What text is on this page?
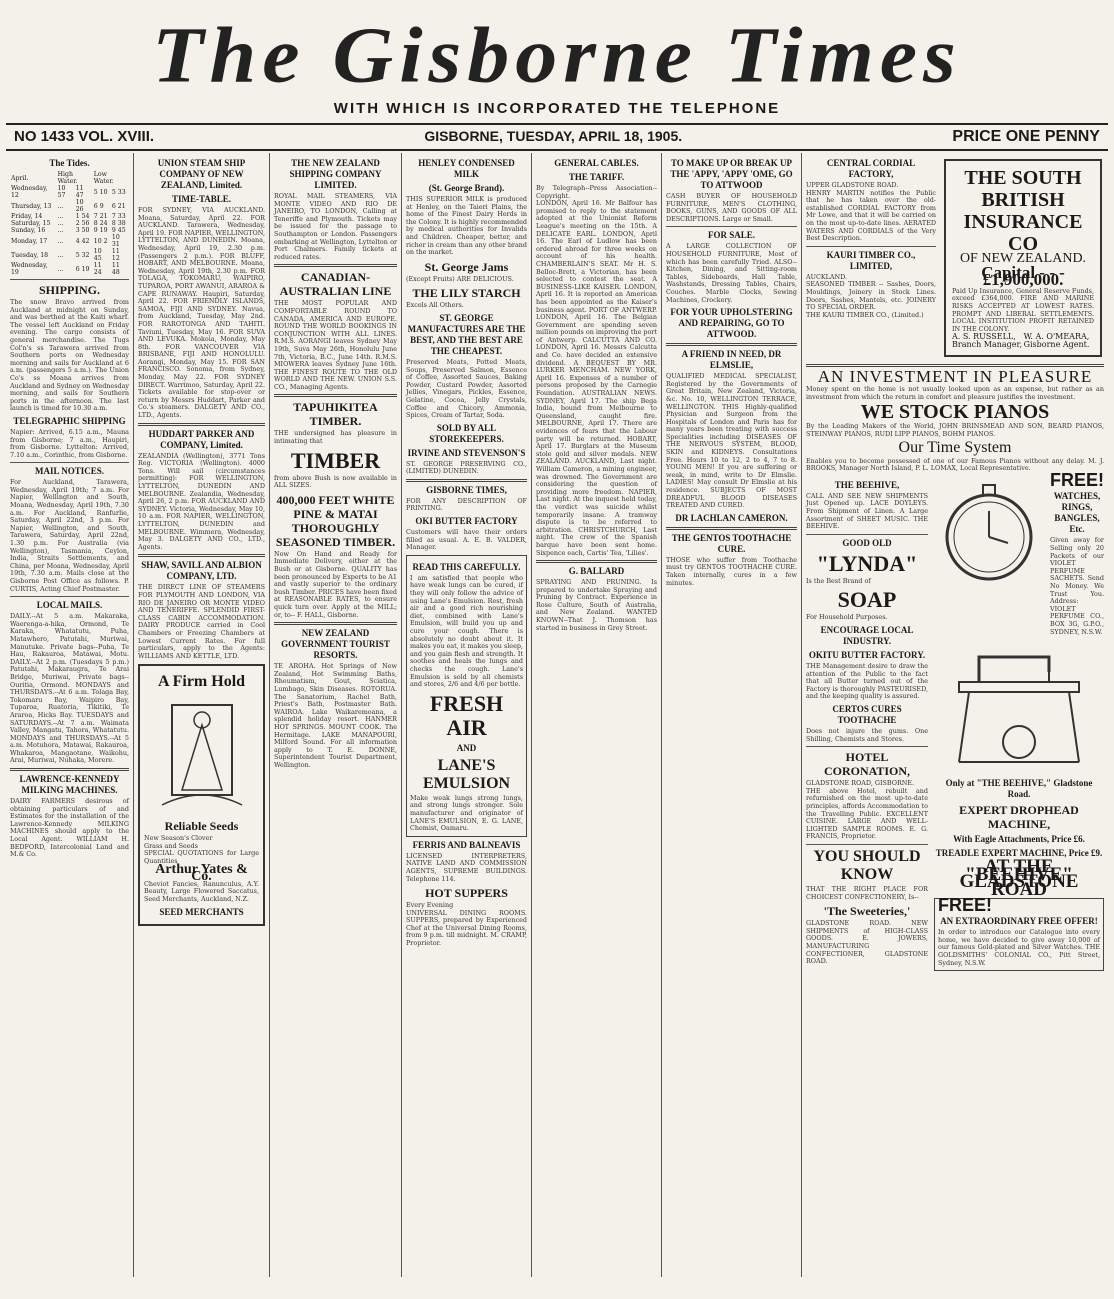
The Gisborne Times
WITH WHICH IS INCORPORATED THE TELEPHONE
NO 1433 VOL. XVIII.	GISBORNE, TUESDAY, APRIL 18, 1905.	PRICE ONE PENNY
The Tides.
April.	High Water.		Low Water.	
Wednesday, 12	10 57	11 47	5 10	5 33
Thursday, 13	...	10 26	6 9	6 21
Friday, 14	...	1 54	7 21	7 33
Saturday, 15	...	2 56	8 24	8 38
Sunday, 16	...	3 50	9 19	9 45
Monday, 17	...	4 42	10 2	10 31
Tuesday, 18	...	5 32	10 45	11 12
Wednesday, 19	...	6 19	11 24	11 48
SHIPPING.
The snow Bravo arrived from Auckland at midnight on Sunday, and was berthed at the Kaiti wharf. The vessel left Auckland on Friday evening. The cargo consists of general merchandise. The Tugs Col'n's ss Tarawera arrived from Southern ports on Wednesday morning and sails for Auckland at 6 a.m. (passengers 5 a.m.). The Union Co's ss Moana arrives from Auckland and Sydney on Wednesday morning, and sails for Southern ports in the afternoon. The last launch is timed for 10.30 a.m.
TELEGRAPHIC SHIPPING
Napier: Arrived, 6.15 a.m., Mauna from Gisborne; 7 a.m., Haupiri, from Gisborne. Lyttelton: Arrived, 7.10 a.m., Corinthic, from Gisborne.
MAIL NOTICES.
For Auckland, Tarawera, Wednesday, April 19th; 7 a.m. For Napier, Wellington and South, Moana, Wednesday, April 19th, 7.30 a.m. For Auckland, Ranfurlie, Saturday, April 22nd, 3 p.m. For Napier, Wellington, and South, Tarawera, Saturday, April 22nd, 1.30 p.m. For Australia (via Wellington), Tasmania, Ceylon, India, Straits Settlements, and China, per Moana, Wednesday, April 19th, 7.30 a.m. Mails close at the Gisborne Post Office as follows. P. CURTIS, Acting Chief Postmaster.
LOCAL MAILS.
DAILY.--At 5 a.m. Makaraka, Waerenga-a-hika, Ormond, Te Karaka, Whatatutu, Puha, Matawhero, Patutahi, Muriwai, Manutuke. Private bags--Puha, Te Hau, Rakauroa, Matawai, Motu. DAILY.--At 2 p.m. (Tuesdays 5 p.m.) Patutahi, Makaraugra, Te Arai Bridge, Muriwai, Private bags--Ouritia, Ormond. MONDAYS and THURSDAYS.--At 6 a.m. Tolaga Bay, Tokomaru Bay, Waipiro Bay, Tuparoa, Ruatoria, Tikitiki, Te Araroa, Hicks Bay. TUESDAYS and SATURDAYS.--At 7 a.m. Waimata Valley, Mangatu, Tahora, Whatatutu. MONDAYS and THURSDAYS.--At 5 a.m. Motuhora, Matawai, Rakauroa, Whakaroa, Mangaotane, Waikohu, Arai, Muriwai, Nuhaka, Morere.
LAWRENCE-KENNEDY MILKING MACHINES.
DAIRY FARMERS desirous of obtaining particulars of and Estimates for the installation of the Lawrence-Kennedy MILKING MACHINES should apply to the Local Agent. WILLIAM H. BEDFORD, Intercolonial Land and M.& Co.
UNION STEAM SHIP COMPANY OF NEW ZEALAND, Limited.
TIME-TABLE.
FOR SYDNEY, VIA AUCKLAND. Moana, Saturday, April 22. FOR AUCKLAND. Tarawera, Wednesday, April 19. FOR NAPIER, WELLINGTON, LYTTELTON, AND DUNEDIN. Moana, Wednesday, April 19, 2.30 p.m. (Passengers 2 p.m.). FOR BLUFF, HOBART, AND MELBOURNE. Moana, Wednesday, April 19th, 2.30 p.m. FOR TOLAGA, TOKOMARU, WAIPIRO, TUPAROA, PORT AWANUI, ARAROA & CAPE RUNAWAY. Haupiri, Saturday, April 22. FOR FRIENDLY ISLANDS, SAMOA, FIJI AND SYDNEY. Navua, from Auckland, Tuesday, May 2nd. FOR RAROTONGA AND TAHITI. Taviuni, Tuesday, May 16. FOR SUVA AND LEVUKA. Mokoia, Monday, May 8th. FOR VANCOUVER VIA BRISBANE, FIJI AND HONOLULU. Aorangi, Monday, May 15. FOR SAN FRANCISCO. Sonoma, from Sydney, Monday, May 22. FOR SYDNEY DIRECT. Warrimoo, Saturday, April 22. Tickets available for stop-over or return by Messrs Huddart, Parker and Co.'s steamers. DALGETY AND CO., LTD., Agents.
HUDDART PARKER AND COMPANY, Limited.
ZEALANDIA (Wellington), 3771 Tons Reg. VICTORIA (Wellington). 4000 Tons. Will sail (circumstances permitting): FOR WELLINGTON, LYTTELTON, DUNEDIN AND MELBOURNE. Zealandia, Wednesday, April 26, 2 p.m. FOR AUCKLAND AND SYDNEY. Victoria, Wednesday, May 10, 10 a.m. FOR NAPIER, WELLINGTON, LYTTELTON, DUNEDIN and MELBOURNE. Wimmera, Wednesday, May 3. DALGETY AND CO., LTD., Agents.
SHAW, SAVILL AND ALBION COMPANY, LTD.
THE DIRECT LINE OF STEAMERS FOR PLYMOUTH AND LONDON, VIA RIO DE JANEIRO OR MONTE VIDEO AND TENERIFFE. SPLENDID FIRST-CLASS CABIN ACCOMMODATION. DAIRY PRODUCE carried in Cool Chambers or Freezing Chambers at Lowest Current Rates. For full particulars, apply to the Agents: WILLIAMS AND KETTLE, LTD.
A Firm Hold
Reliable Seeds
New Season's Clover
Grass and Seeds
SPECIAL QUOTATIONS for Large Quantities
Arthur Yates & Co.
Cheviot Fancies, Ranunculus, A.Y. Beauty, Large Flowered Saccatus, Seed Merchants, Auckland, N.Z.
SEED MERCHANTS
THE NEW ZEALAND SHIPPING COMPANY LIMITED.
ROYAL MAIL STEAMERS, VIA MONTE VIDEO AND RIO DE JANEIRO, TO LONDON, Calling at Teneriffe and Plymouth. Tickets may be issued for the passage to Southampton or London. Passengers embarking at Wellington, Lyttelton or Port Chalmers. Family tickets at reduced rates.
CANADIAN-AUSTRALIAN LINE
THE MOST POPULAR AND COMFORTABLE ROUND TO CANADA, AMERICA AND EUROPE. ROUND THE WORLD BOOKINGS IN CONJUNCTION WITH ALL LINES. R.M.S. AORANGI leaves Sydney May 19th, Suva May 26th, Honolulu June 7th, Victoria, B.C., June 14th. R.M.S. MIOWERA leaves Sydney June 16th. THE FINEST ROUTE TO THE OLD WORLD AND THE NEW. UNION S.S. CO., Managing Agents.
TAPUHIKITEA TIMBER.
THE undersigned has pleasure in intimating that
TIMBER
from above Bush is now available in ALL SIZES.
400,000 FEET WHITE PINE & MATAI THOROUGHLY SEASONED TIMBER.
Now On Hand and Ready for Immediate Delivery, either at the Bush or at Gisborne. QUALITY has been pronounced by Experts to be A1 and vastly superior to the ordinary bush Timber. PRICES have been fixed at REASONABLE RATES, to ensure quick turn over. Apply at the MILL; or, to-- F. HALL, Gisborne.
NEW ZEALAND GOVERNMENT TOURIST RESORTS.
TE AROHA. Hot Springs of New Zealand, Hot Swimming Baths, Rheumatism, Gout, Sciatica, Lumbago, Skin Diseases. ROTORUA. The Sanatorium, Rachel Bath, Priest's Bath, Postmaster Bath. WAIROA. Lake Waikaremoana, a splendid holiday resort. HANMER HOT SPRINGS. MOUNT COOK. The Hermitage. LAKE MANAPOURI, Milford Sound. For all information apply to T. E. DONNE, Superintendent Tourist Department, Wellington.
HENLEY CONDENSED MILK
(St. George Brand).
THIS SUPERIOR MILK is produced at Henley, on the Taieri Plains, the home of the Finest Dairy Herds in the Colony. It is highly recommended by medical authorities for Invalids and Children. Cheaper, better, and richer in cream than any other brand on the market.
St. George Jams
(Except Fruits) ARE DELICIOUS.
THE LILY STARCH
Excels All Others.
ST. GEORGE MANUFACTURES ARE THE BEST, AND THE BEST ARE THE CHEAPEST.
Preserved Meats, Potted Meats, Soups, Preserved Salmon, Essence of Coffee, Assorted Sauces, Baking Powder, Custard Powder, Assorted Jellies, Vinegars, Pickles, Essence, Gelatine, Cocoa, Jelly Crystals, Coffee and Chicory, Ammonia, Spices, Cream of Tartar, Soda.
SOLD BY ALL STOREKEEPERS.
IRVINE AND STEVENSON'S
ST. GEORGE PRESERVING CO., (LIMITED) DUNEDIN.
GISBORNE TIMES,
FOR ANY DESCRIPTION OF PRINTING.
OKI BUTTER FACTORY
Customers will have their orders filled as usual. A. E. B. VALDER, Manager.
READ THIS CAREFULLY.
I am satisfied that people who have weak lungs can be cured, if they will only follow the advice of using Lane's Emulsion. Rest, fresh air and a good rich nourishing diet, combined with Lane's Emulsion, will build you up and cure your cough. There is absolutely no doubt about it. It makes you eat, it makes you sleep, and you gain flesh and strength. It soothes and heals the lungs and checks the cough. Lane's Emulsion is sold by all chemists and stores, 2/6 and 4/6 per bottle.
FRESH AIR
AND
LANE'S EMULSION
Make weak lungs strong lungs, and strong lungs stronger. Sole manufacturer and originator of LANE'S EMULSION, E. G. LANE, Chemist, Oamaru.
FERRIS AND BALNEAVIS
LICENSED INTERPRETERS, NATIVE LAND AND COMMISSION AGENTS, SUPREME BUILDINGS. Telephone 114.
HOT SUPPERS
Every Evening
UNIVERSAL DINING ROOMS. SUPPERS, prepared by Experienced Chef at the Universal Dining Rooms, from 9 p.m. till midnight. M. CRAMP, Proprietor.
GENERAL CABLES.
THE TARIFF.
By Telegraph--Press Association--Copyright.
LONDON, April 16. Mr Balfour has promised to reply to the statement adopted at the Unionist Reform League's meeting on the 15th. A DELICATE EARL. LONDON, April 16. The Earl of Ludlow has been ordered abroad for three weeks on account of his health. CHAMBERLAIN'S SEAT. Mr H. S. Belloc-Brett, a Victorian, has been selected to contest the seat. A BUSINESS-LIKE KAISER. LONDON, April 16. It is reported an American has been appointed as the Kaiser's business agent. PORT OF ANTWERP. LONDON, April 16. The Belgian Government are spending seven million pounds on improving the port of Antwerp. CALCUTTA AND CO. LONDON, April 16. Messrs Calcutta and Co. have decided an extensive dividend. A BEQUEST BY MR. LURKER MENCHAM. NEW YORK, April 16. Expenses of a number of persons proposed by the Carnegie Foundation. AUSTRALIAN NEWS. SYDNEY, April 17. The ship Bega India, bound from Melbourne to Queensland, caught fire. MELBOURNE, April 17. There are evidences of fears that the Labour party will be returned. HOBART, April 17. Burglars at the Museum stole gold and silver medals. NEW ZEALAND. AUCKLAND, Last night. William Cameron, a mining engineer, was drowned. The Government are considering the question of providing more freedom. NAPIER, Last night. At the inquest held today, the verdict was suicide whilst temporarily insane. A tramway dispute is to be referred to arbitration. CHRISTCHURCH, Last night. The crew of the Spanish barque have been sent home. Sixpence each, Cartis' Tea, 'Lilies'.
G. BALLARD
SPRAYING AND PRUNING. Is prepared to undertake Spraying and Pruning by Contract. Experience in Rose Culture, South of Australia, and New Zealand. WANTED KNOWN--That J. Thomson has started in business in Grey Street.
TO MAKE UP OR BREAK UP THE 'APPY, 'APPY 'OME, GO TO ATTWOOD
CASH BUYER OF HOUSEHOLD FURNITURE, MEN'S CLOTHING, BOOKS, GUNS, AND GOODS OF ALL DESCRIPTIONS. Large or Small.
FOR SALE.
A LARGE COLLECTION OF HOUSEHOLD FURNITURE, Most of which has been carefully Tried. ALSO-- Kitchen, Dining, and Sitting-room Tables, Sideboards, Hall Table, Washstands, Dressing Tables, Chairs, Couches. Marble Clocks, Sewing Machines, Crockery.
FOR YOUR UPHOLSTERING AND REPAIRING, GO TO ATTWOOD.
A FRIEND IN NEED, DR ELMSLIE,
QUALIFIED MEDICAL SPECIALIST, Registered by the Governments of Great Britain, New Zealand, Victoria, &c. No. 10, WELLINGTON TERRACE, WELLINGTON. THIS Highly-qualified Physician and Surgeon from the Hospitals of London and Paris has for many years been treating with success Specialities including DISEASES OF THE NERVOUS SYSTEM, BLOOD, SKIN and KIDNEYS. Consultations Free. Hours 10 to 12, 2 to 4, 7 to 8. YOUNG MEN! If you are suffering or weak, in mind, write to Dr Elmslie. LADIES! May consult Dr Elmslie at his residence. SUBJECTS OF MOST DREADFUL BLOOD DISEASES TREATED AND CURED.
DR LACHLAN CAMERON.
THE GENTOS TOOTHACHE CURE.
THOSE who suffer from Toothache must try GENTOS TOOTHACHE CURE. Taken internally, cures in a few minutes.
CENTRAL CORDIAL FACTORY,
UPPER GLADSTONE ROAD.
HENRY MARTIN notifies the Public that he has taken over the old-established CORDIAL FACTORY from Mr Lowe, and that it will be carried on on the most up-to-date lines. AERATED WATERS AND CORDIALS of the Very Best Description.
KAURI TIMBER CO., LIMITED,
AUCKLAND.
SEASONED TIMBER -- Sashes, Doors, Mouldings, Joinery in Stock Lines. Doors, Sashes, Mantels, etc. JOINERY TO SPECIAL ORDER.
THE KAURI TIMBER CO., (Limited.)
THE SOUTH BRITISH INSURANCE CO
OF NEW ZEALAND.
Capital - - - £1,900,000.
Paid Up Insurance, General Reserve Funds, exceed £364,000. FIRE AND MARINE RISKS ACCEPTED AT LOWEST RATES. PROMPT AND LIBERAL SETTLEMENTS. LOCAL INSTITUTION PROFIT RETAINED IN THE COLONY.
A. S. RUSSELL, Branch Manager,
W. A. O'MEARA, Gisborne Agent.
AN INVESTMENT IN PLEASURE
Money spent on the home is not usually looked upon as an expense, but rather as an investment from which the return in comfort and pleasure justifies the investment.
WE STOCK PIANOS
By the Leading Makers of the World, JOHN BRINSMEAD AND SON, BEARD PIANOS, STEINWAY PIANOS, RUDI LIPP PIANOS, BOHM PIANOS.
Our Time System
Enables you to become possessed of one of our Famous Pianos without any delay. M. J. BROOKS, Manager North Island, P. L. LOMAX, Local Representative.
THE BEEHIVE,
CALL AND SEE NEW SHIPMENTS Just Opened up. LACE DOYLEYS. From Shipment of Linen. A Large Assortment of SHEET MUSIC. THE BEEHIVE.
GOOD OLD
"LYNDA"
Is the Best Brand of
SOAP
For Household Purposes.
ENCOURAGE LOCAL INDUSTRY.
OKITU BUTTER FACTORY.
THE Management desire to draw the attention of the Public to the fact that all Butter turned out of the Factory is thoroughly PASTEURISED, and the keeping quality is assured.
CERTOS CURES TOOTHACHE
Does not injure the gums. One Shilling, Chemists and Stores.
HOTEL CORONATION,
GLADSTONE ROAD, GISBORNE.
THE above Hotel, rebuilt and refurnished on the most up-to-date principles, affords Accommodation to the Travelling Public. EXCELLENT CUISINE. LARGE AND WELL-LIGHTED SAMPLE ROOMS. E. G. FRANCIS, Proprietor.
YOU SHOULD KNOW
THAT THE RIGHT PLACE FOR CHOICEST CONFECTIONERY, Is--
'The Sweeteries,'
GLADSTONE ROAD. NEW SHIPMENTS of HIGH-CLASS GOODS. E. JOWERS, MANUFACTURING CONFECTIONER, GLADSTONE ROAD.
FREE!
WATCHES, RINGS, BANGLES, Etc.
Given away for Selling only 20 Packets of our VIOLET PERFUME SACHETS. Send No Money. We Trust You. Address: VIOLET PERFUME CO., BOX 3G, G.P.O., SYDNEY, N.S.W.
Only at "THE BEEHIVE," Gladstone Road.
EXPERT DROPHEAD MACHINE,
With Eagle Attachments, Price £6.
TREADLE EXPERT MACHINE, Price £9.
AT THE "BEEHIVE" GLADSTONE ROAD
FREE!
AN EXTRAORDINARY FREE OFFER!
In order to introduce our Catalogue into every home, we have decided to give away 10,000 of our famous Gold-plated and Silver Watches. THE GOLDSMITHS' COLONIAL CO., Pitt Street, Sydney, N.S.W.
